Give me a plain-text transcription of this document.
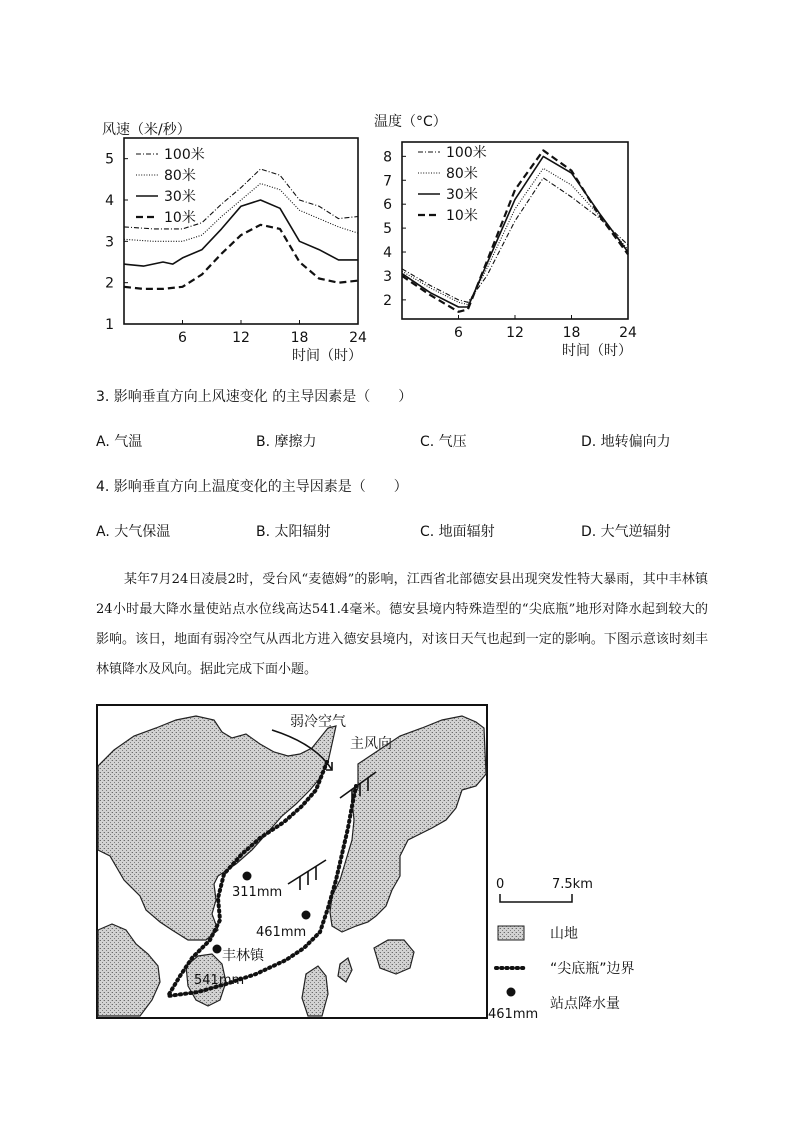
风速（米/秒）
1
2
3
4
5
6	12	18	24
时间（时）
100米
80米
30米
10米
温度（°C）
2
3
4
5
6
7
8
6	12	18	24
时间（时）
100米
80米
30米
10米
3. 影响垂直方向上风速变化 的主导因素是（　　）
A. 气温	B. 摩擦力	C. 气压	D. 地转偏向力
4. 影响垂直方向上温度变化的主导因素是（　　）
A. 大气保温	B. 太阳辐射	C. 地面辐射	D. 大气逆辐射

某年7月24日凌晨2时，受台风“麦德姆”的影响，江西省北部德安县出现突发性特大暴雨，其中丰林镇24小时最大降水量使站点水位线高达541.4毫米。德安县境内特殊造型的“尖底瓶”地形对降水起到较大的影响。该日，地面有弱冷空气从西北方进入德安县境内，对该日天气也起到一定的影响。下图示意该时刻丰林镇降水及风向。据此完成下面小题。

弱冷空气
主风向
311mm
461mm
丰林镇
541mm
0	7.5km
山地
“尖底瓶”边界
站点降水量
461mm
